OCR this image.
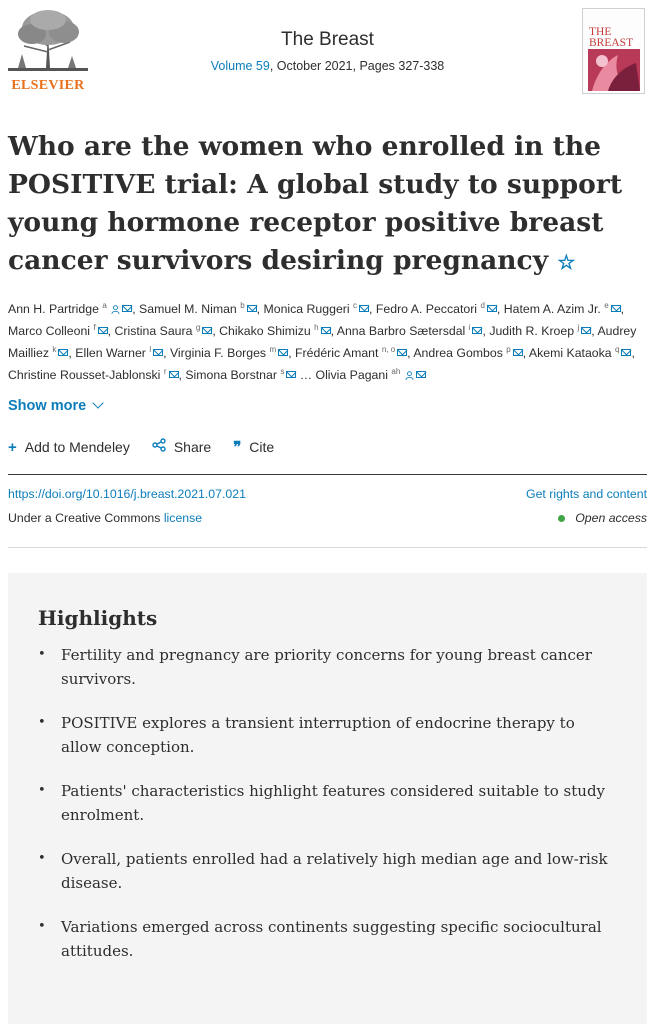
ELSEVIER
The Breast
Volume 59, October 2021, Pages 327-338
THE BREAST
Who are the women who enrolled in the POSITIVE trial: A global study to support young hormone receptor positive breast cancer survivors desiring pregnancy ☆
Ann H. Partridge $^a$ , Samuel M. Niman $^b$ , Monica Ruggeri $^c$ , Fedro A. Peccatori $^d$ , Hatem A. Azim Jr. $^e$ , Marco Colleoni $^f$ , Cristina Saura $^g$ , Chikako Shimizu $^h$ , Anna Barbro Sætersdal $^i$ , Judith R. Kroep $^j$ , Audrey Mailliez $^k$ , Ellen Warner $^l$ , Virginia F. Borges $^m$ , Frédéric Amant $^{n, o}$ , Andrea Gombos $^p$ , Akemi Kataoka $^q$ , Christine Rousset-Jablonski $^r$ , Simona Borstnar $^s$ … Olivia Pagani $^{ah}$
Show more
+ Add to Mendeley	Share ❞ Cite
https://doi.org/10.1016/j.breast.2021.07.021	Get rights and content
Under a Creative Commons license	Open access
Highlights
• Fertility and pregnancy are priority concerns for young breast cancer survivors.
• POSITIVE explores a transient interruption of endocrine therapy to allow conception.
• Patients' characteristics highlight features considered suitable to study enrolment.
• Overall, patients enrolled had a relatively high median age and low-risk disease.
• Variations emerged across continents suggesting specific sociocultural attitudes.
